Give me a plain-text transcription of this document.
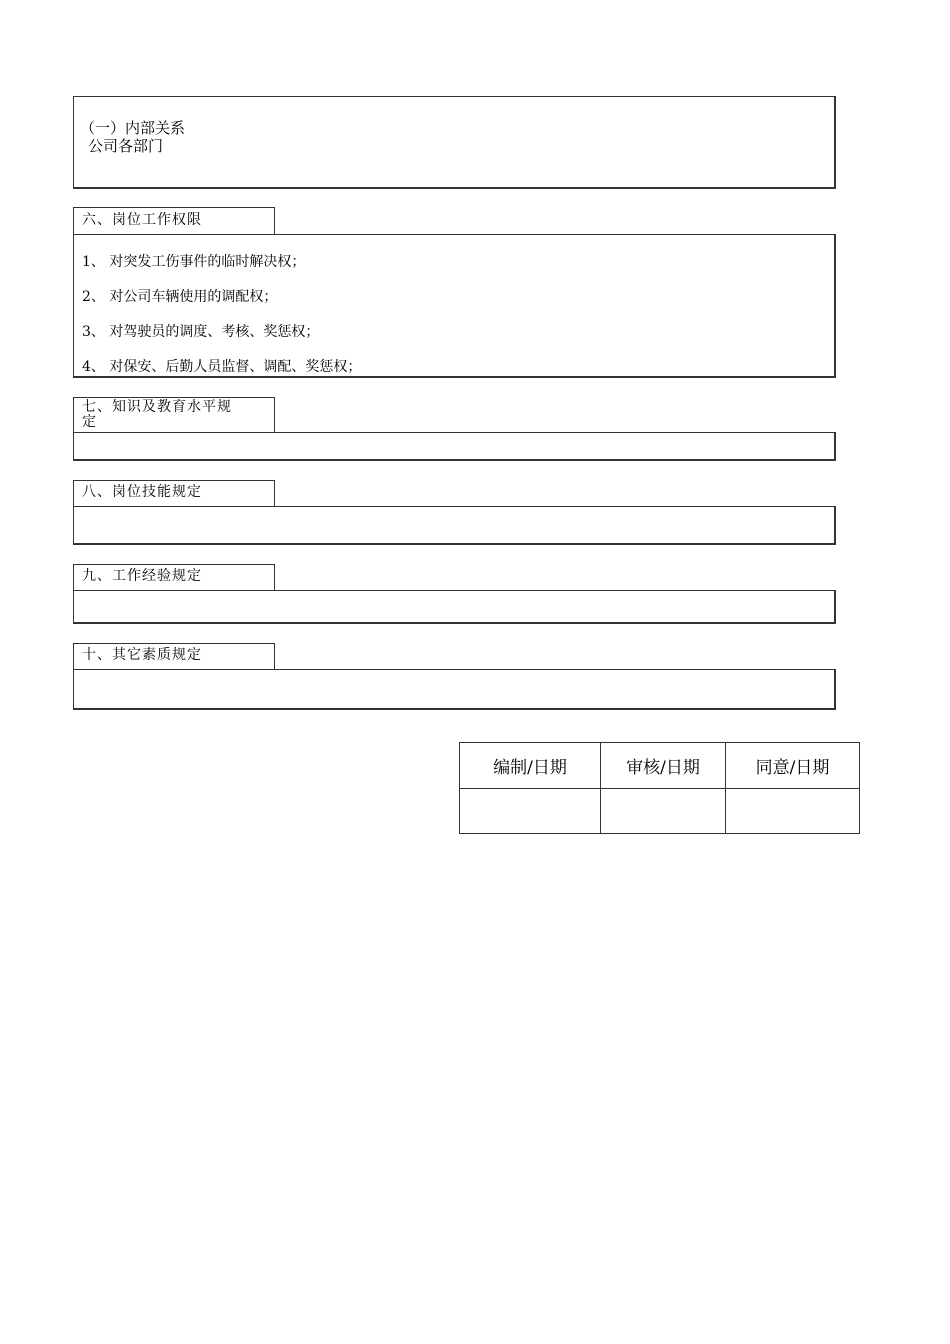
（一）内部关系
公司各部门
1、 对突发工伤事件的临时解决权；
2、 对公司车辆使用的调配权；
3、 对驾驶员的调度、考核、奖惩权；
4、 对保安、后勤人员监督、调配、奖惩权；
六、岗位工作权限
七、知识及教育水平规
定
八、岗位技能规定
九、工作经验规定
十、其它素质规定
编制/日期	审核/日期	同意/日期
